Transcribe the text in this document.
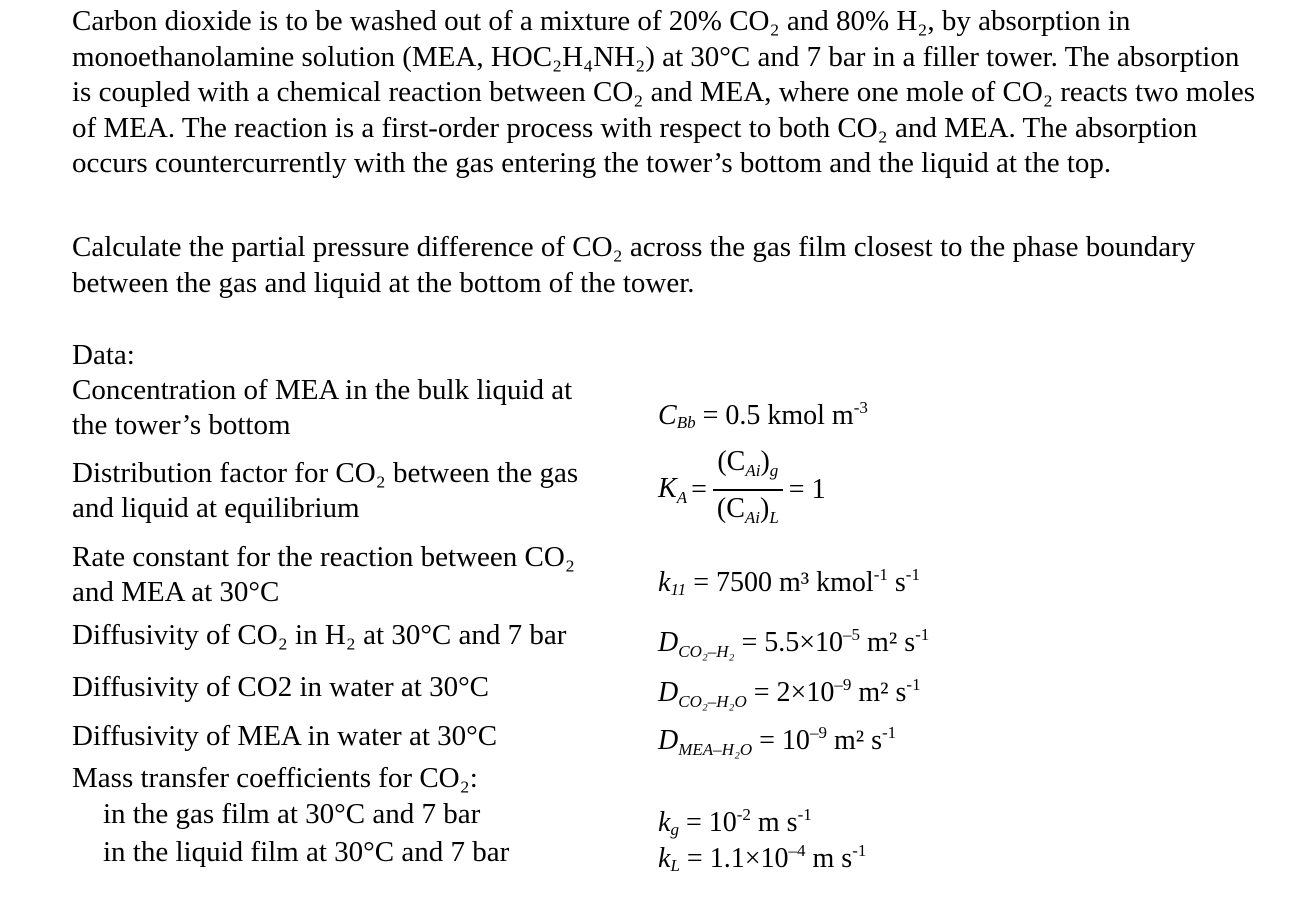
Carbon dioxide is to be washed out of a mixture of 20% CO₂ and 80% H₂, by absorption in monoethanolamine solution (MEA, HOC₂H₄NH₂) at 30°C and 7 bar in a filler tower. The absorption is coupled with a chemical reaction between CO₂ and MEA, where one mole of CO₂ reacts two moles of MEA. The reaction is a first-order process with respect to both CO₂ and MEA. The absorption occurs countercurrently with the gas entering the tower’s bottom and the liquid at the top.

Calculate the partial pressure difference of CO₂ across the gas film closest to the phase boundary between the gas and liquid at the bottom of the tower.

Data:
Concentration of MEA in the bulk liquid at
the tower’s bottom	CBb = 0.5 kmol $m^{-3}$
Distribution factor for CO₂ between the gas
and liquid at equilibrium
$K_A = \frac{(C_{Ai})_g}{(C_{Ai})_L} = 1$
Rate constant for the reaction between CO₂
and MEA at 30°C	k11 = 7500 m³ kmol$^{-1}$ $s^{-1}$
Diffusivity of CO₂ in H₂ at 30°C and 7 bar	$D_{CO_2-H_2} = 5.5\times 10^{-5}$ m² $s^{-1}$
Diffusivity of CO2 in water at 30°C	$D_{CO_2-H_2O} = 2\times 10^{-9}$ m² $s^{-1}$
Diffusivity of MEA in water at 30°C	$D_{MEA-H_2O} = 10^{-9}$ m² $s^{-1}$
Mass transfer coefficients for CO₂:
in the gas film at 30°C and 7 bar	kg = $10^{-2}$ m $s^{-1}$
in the liquid film at 30°C and 7 bar	kL = $1.1\times 10^{-4}$ m $s^{-1}$
